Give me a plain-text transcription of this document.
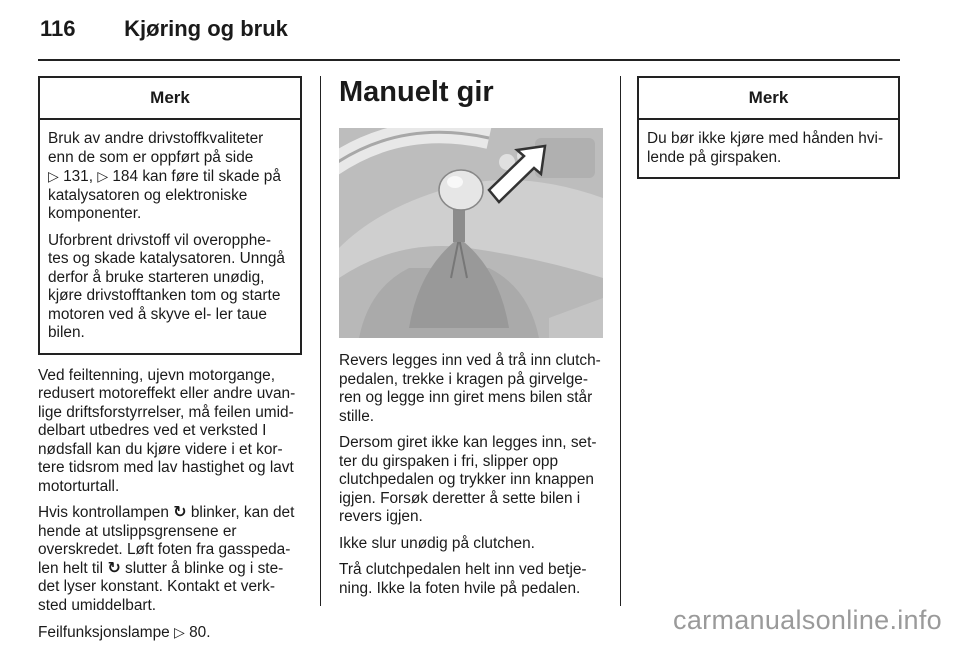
116 Kjøring og bruk
Merk

Bruk av andre drivstoffkvaliteter enn de som er oppført på side
▷ 131, ▷ 184 kan føre til skade på katalysatoren og elektroniske komponenter.

Uforbrent drivstoff vil overopphe- tes og skade katalysatoren. Unngå derfor å bruke starteren unødig, kjøre drivstofftanken tom og starte motoren ved å skyve el- ler taue bilen.

Ved feiltenning, ujevn motorgange, redusert motoreffekt eller andre uvan- lige driftsforstyrrelser, må feilen umid- delbart utbedres ved et verksted I nødsfall kan du kjøre videre i et kor- tere tidsrom med lav hastighet og lavt motorturtall.

Hvis kontrollampen ↻ blinker, kan det hende at utslippsgrensene er overskredet. Løft foten fra gasspeda- len helt til ↻ slutter å blinke og i ste- det lyser konstant. Kontakt et verk- sted umiddelbart.

Feilfunksjonslampe ▷ 80.

Manuelt gir

Revers legges inn ved å trå inn clutch- pedalen, trekke i kragen på girvelge- ren og legge inn giret mens bilen står stille.

Dersom giret ikke kan legges inn, set- ter du girspaken i fri, slipper opp clutchpedalen og trykker inn knappen igjen. Forsøk deretter å sette bilen i revers igjen.

Ikke slur unødig på clutchen.

Trå clutchpedalen helt inn ved betje- ning. Ikke la foten hvile på pedalen.

Merk

Du bør ikke kjøre med hånden hvi- lende på girspaken.

carmanualsonline.info
